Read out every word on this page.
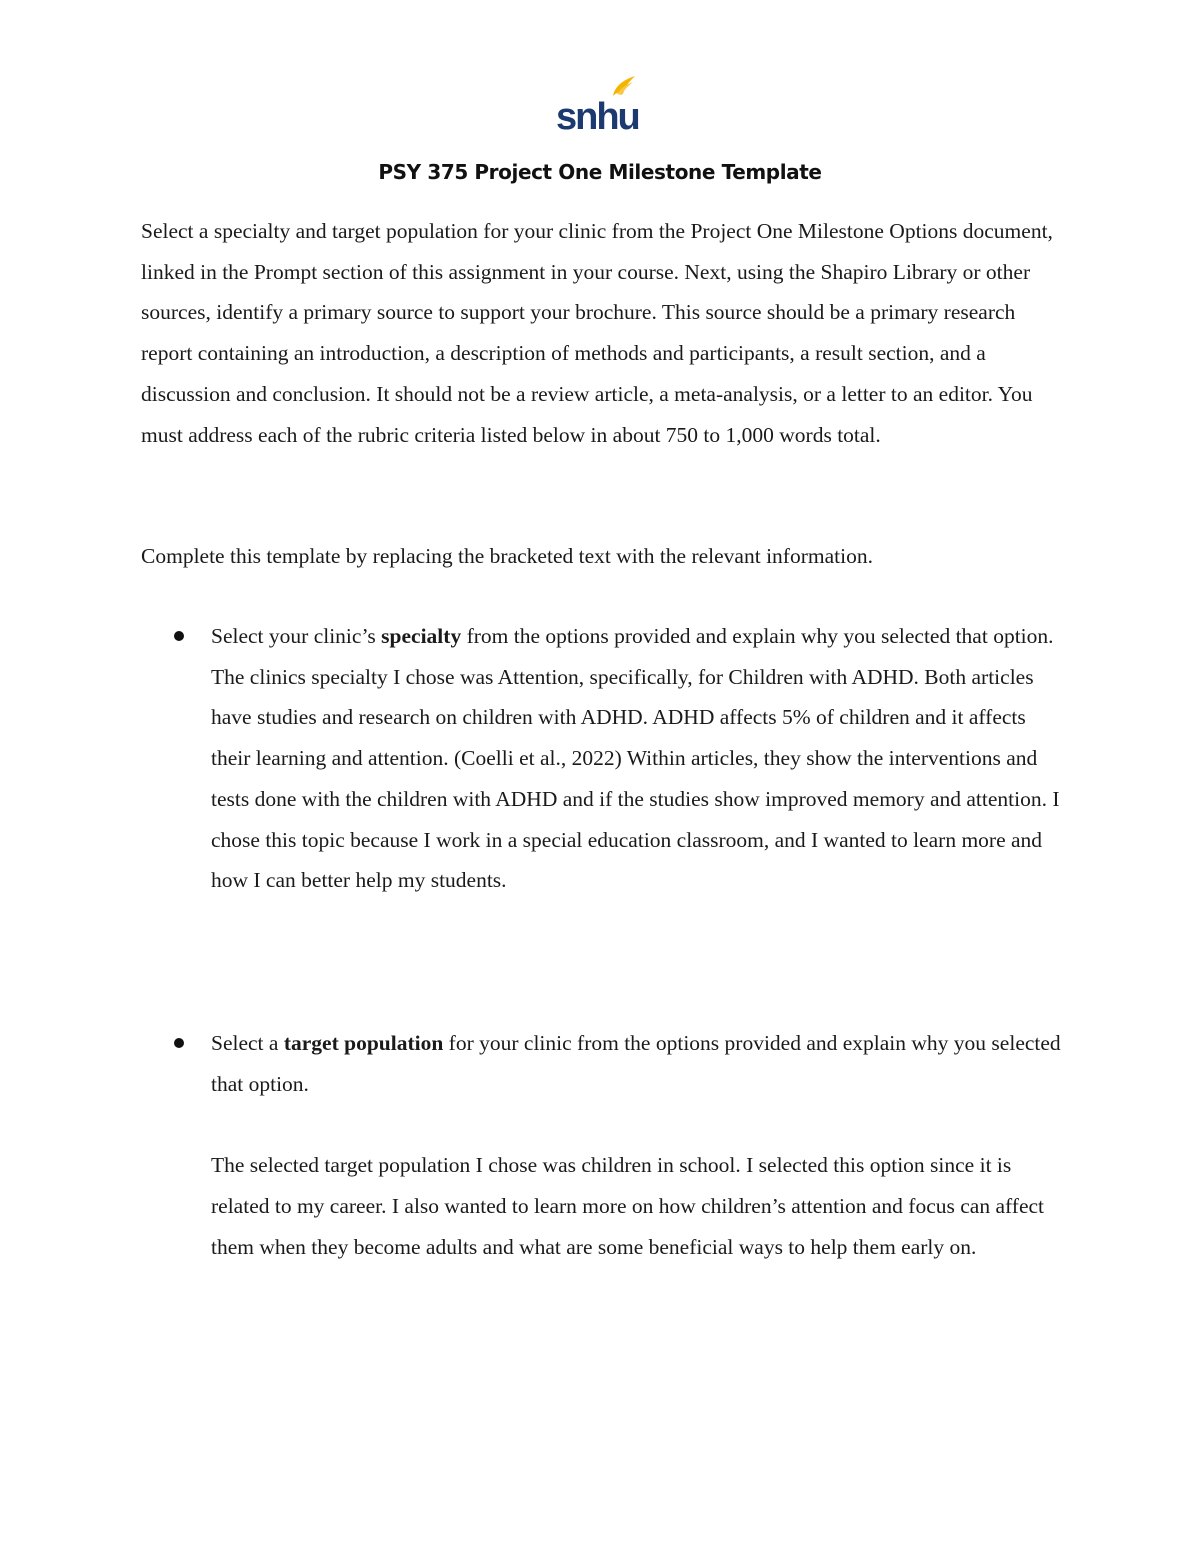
snhu
PSY 375 Project One Milestone Template

Select a specialty and target population for your clinic from the Project One Milestone Options document, linked in the Prompt section of this assignment in your course. Next, using the Shapiro Library or other sources, identify a primary source to support your brochure. This source should be a primary research report containing an introduction, a description of methods and participants, a result section, and a discussion and conclusion. It should not be a review article, a meta-analysis, or a letter to an editor. You must address each of the rubric criteria listed below in about 750 to 1,000 words total.

Complete this template by replacing the bracketed text with the relevant information.

Select your clinic’s specialty from the options provided and explain why you selected that option.

The clinics specialty I chose was Attention, specifically, for Children with ADHD. Both articles have studies and research on children with ADHD. ADHD affects 5% of children and it affects their learning and attention. (Coelli et al., 2022) Within articles, they show the interventions and tests done with the children with ADHD and if the studies show improved memory and attention. I chose this topic because I work in a special education classroom, and I wanted to learn more and how I can better help my students.

Select a target population for your clinic from the options provided and explain why you selected that option.

The selected target population I chose was children in school. I selected this option since it is related to my career. I also wanted to learn more on how children’s attention and focus can affect them when they become adults and what are some beneficial ways to help them early on.
